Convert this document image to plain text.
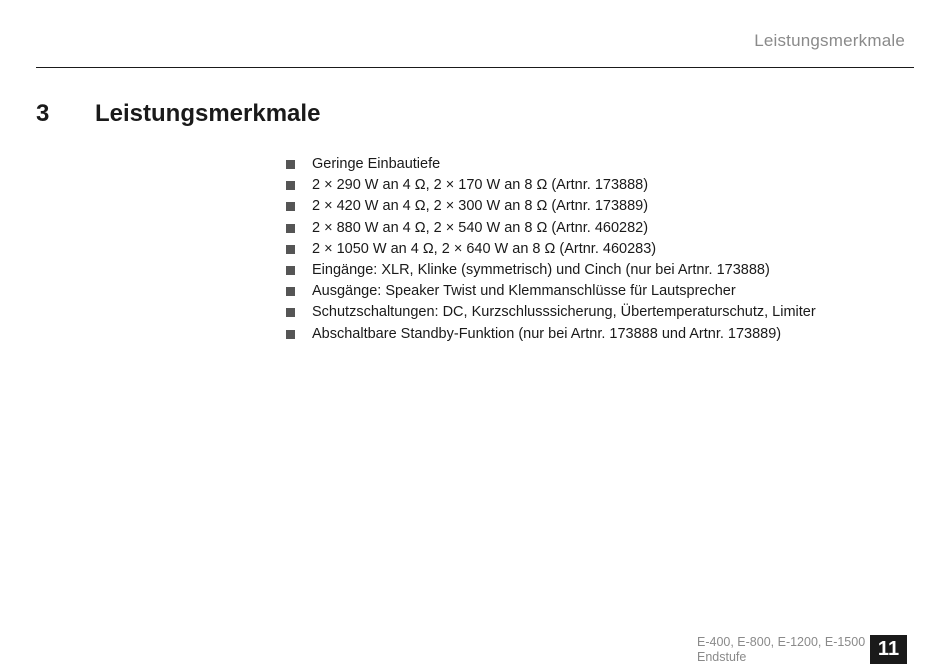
Leistungsmerkmale
3	Leistungsmerkmale
Geringe Einbautiefe
2 × 290 W an 4 Ω, 2 × 170 W an 8 Ω (Artnr. 173888)
2 × 420 W an 4 Ω, 2 × 300 W an 8 Ω (Artnr. 173889)
2 × 880 W an 4 Ω, 2 × 540 W an 8 Ω (Artnr. 460282)
2 × 1050 W an 4 Ω, 2 × 640 W an 8 Ω (Artnr. 460283)
Eingänge: XLR, Klinke (symmetrisch) und Cinch (nur bei Artnr. 173888)
Ausgänge: Speaker Twist und Klemmanschlüsse für Lautsprecher
Schutzschaltungen: DC, Kurzschlusssicherung, Übertemperaturschutz, Limiter
Abschaltbare Standby-Funktion (nur bei Artnr. 173888 und Artnr. 173889)
E-400, E-800, E-1200, E-1500
Endstufe	11
